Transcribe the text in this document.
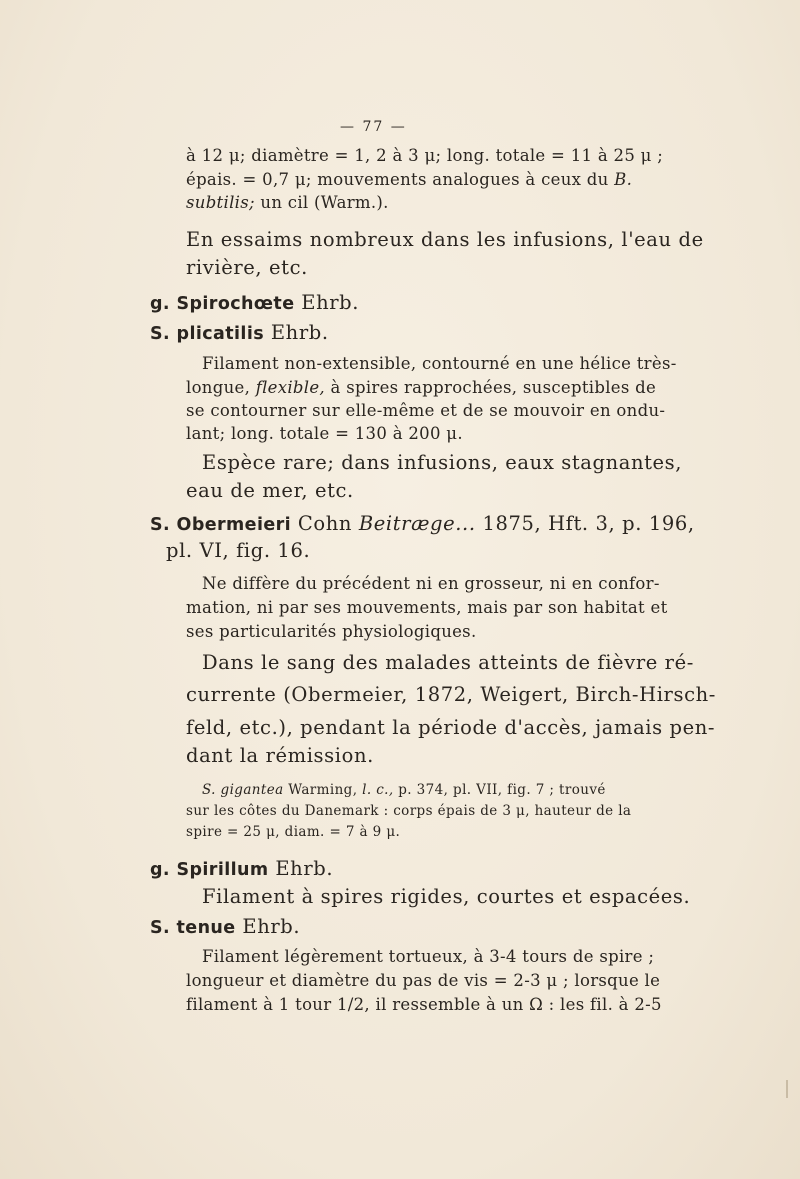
— 77 —
à 12 μ; diamètre = 1, 2 à 3 μ; long. totale = 11 à 25 μ ;
épais. = 0,7 μ; mouvements analogues à ceux du B.
subtilis; un cil (Warm.).
En essaims nombreux dans les infusions, l'eau de
rivière, etc.
g. Spirochœte Ehrb.
S. plicatilis Ehrb.
Filament non-extensible, contourné en une hélice très-
longue, flexible, à spires rapprochées, susceptibles de
se contourner sur elle-même et de se mouvoir en ondu-
lant; long. totale = 130 à 200 μ.
Espèce rare; dans infusions, eaux stagnantes,
eau de mer, etc.
S. Obermeieri Cohn Beitræge... 1875, Hft. 3, p. 196,
pl. VI, fig. 16.
Ne diffère du précédent ni en grosseur, ni en confor-
mation, ni par ses mouvements, mais par son habitat et
ses particularités physiologiques.
Dans le sang des malades atteints de fièvre ré-
currente (Obermeier, 1872, Weigert, Birch-Hirsch-
feld, etc.), pendant la période d'accès, jamais pen-
dant la rémission.
S. gigantea Warming, l. c., p. 374, pl. VII, fig. 7 ; trouvé
sur les côtes du Danemark : corps épais de 3 μ, hauteur de la
spire = 25 μ, diam. = 7 à 9 μ.
g. Spirillum Ehrb.
Filament à spires rigides, courtes et espacées.
S. tenue Ehrb.
Filament légèrement tortueux, à 3-4 tours de spire ;
longueur et diamètre du pas de vis = 2-3 μ ; lorsque le
filament à 1 tour 1/2, il ressemble à un Ω : les fil. à 2-5
